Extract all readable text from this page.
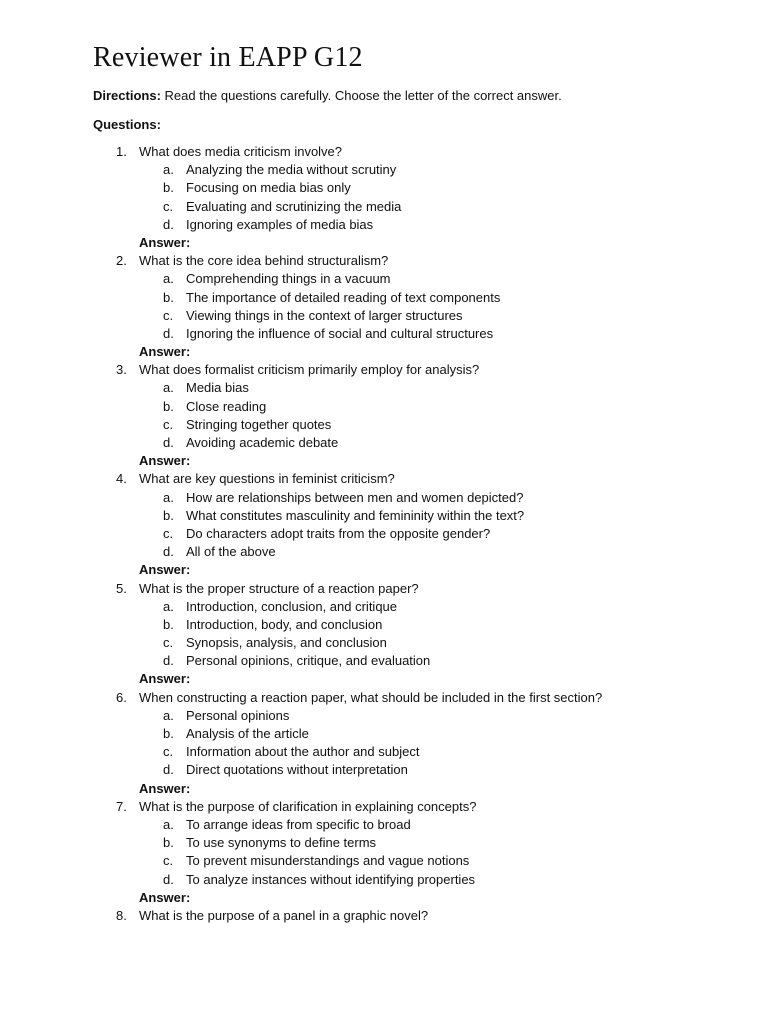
Reviewer in EAPP G12
Directions: Read the questions carefully. Choose the letter of the correct answer.
Questions:
1. What does media criticism involve?
a. Analyzing the media without scrutiny
b. Focusing on media bias only
c. Evaluating and scrutinizing the media
d. Ignoring examples of media bias
Answer:
2. What is the core idea behind structuralism?
a. Comprehending things in a vacuum
b. The importance of detailed reading of text components
c. Viewing things in the context of larger structures
d. Ignoring the influence of social and cultural structures
Answer:
3. What does formalist criticism primarily employ for analysis?
a. Media bias
b. Close reading
c. Stringing together quotes
d. Avoiding academic debate
Answer:
4. What are key questions in feminist criticism?
a. How are relationships between men and women depicted?
b. What constitutes masculinity and femininity within the text?
c. Do characters adopt traits from the opposite gender?
d. All of the above
Answer:
5. What is the proper structure of a reaction paper?
a. Introduction, conclusion, and critique
b. Introduction, body, and conclusion
c. Synopsis, analysis, and conclusion
d. Personal opinions, critique, and evaluation
Answer:
6. When constructing a reaction paper, what should be included in the first section?
a. Personal opinions
b. Analysis of the article
c. Information about the author and subject
d. Direct quotations without interpretation
Answer:
7. What is the purpose of clarification in explaining concepts?
a. To arrange ideas from specific to broad
b. To use synonyms to define terms
c. To prevent misunderstandings and vague notions
d. To analyze instances without identifying properties
Answer:
8. What is the purpose of a panel in a graphic novel?
